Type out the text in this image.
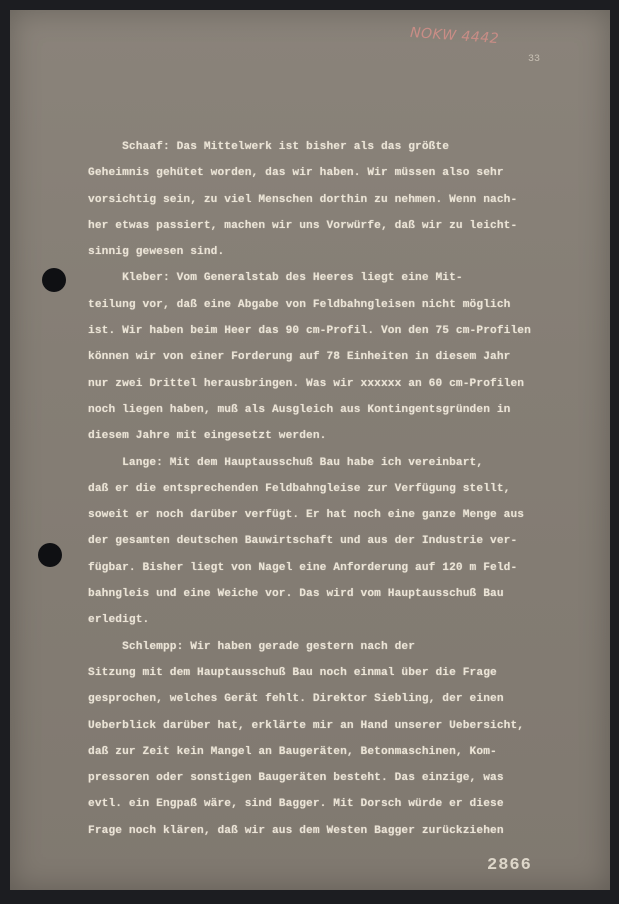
NOKW 4442
33
Schaaf: Das Mittelwerk ist bisher als das größte
Geheimnis gehütet worden, das wir haben. Wir müssen also sehr
vorsichtig sein, zu viel Menschen dorthin zu nehmen. Wenn nach-
her etwas passiert, machen wir uns Vorwürfe, daß wir zu leicht-
sinnig gewesen sind.
Kleber: Vom Generalstab des Heeres liegt eine Mit-
teilung vor, daß eine Abgabe von Feldbahngleisen nicht möglich
ist. Wir haben beim Heer das 90 cm-Profil. Von den 75 cm-Profilen
können wir von einer Forderung auf 78 Einheiten in diesem Jahr
nur zwei Drittel herausbringen. Was wir xxxxxx an 60 cm-Profilen
noch liegen haben, muß als Ausgleich aus Kontingentsgründen in
diesem Jahre mit eingesetzt werden.
Lange: Mit dem Hauptausschuß Bau habe ich vereinbart,
daß er die entsprechenden Feldbahngleise zur Verfügung stellt,
soweit er noch darüber verfügt. Er hat noch eine ganze Menge aus
der gesamten deutschen Bauwirtschaft und aus der Industrie ver-
fügbar. Bisher liegt von Nagel eine Anforderung auf 120 m Feld-
bahngleis und eine Weiche vor. Das wird vom Hauptausschuß Bau
erledigt.
Schlempp: Wir haben gerade gestern nach der
Sitzung mit dem Hauptausschuß Bau noch einmal über die Frage
gesprochen, welches Gerät fehlt. Direktor Siebling, der einen
Ueberblick darüber hat, erklärte mir an Hand unserer Uebersicht,
daß zur Zeit kein Mangel an Baugeräten, Betonmaschinen, Kom-
pressoren oder sonstigen Baugeräten besteht. Das einzige, was
evtl. ein Engpaß wäre, sind Bagger. Mit Dorsch würde er diese
Frage noch klären, daß wir aus dem Westen Bagger zurückziehen
2866
